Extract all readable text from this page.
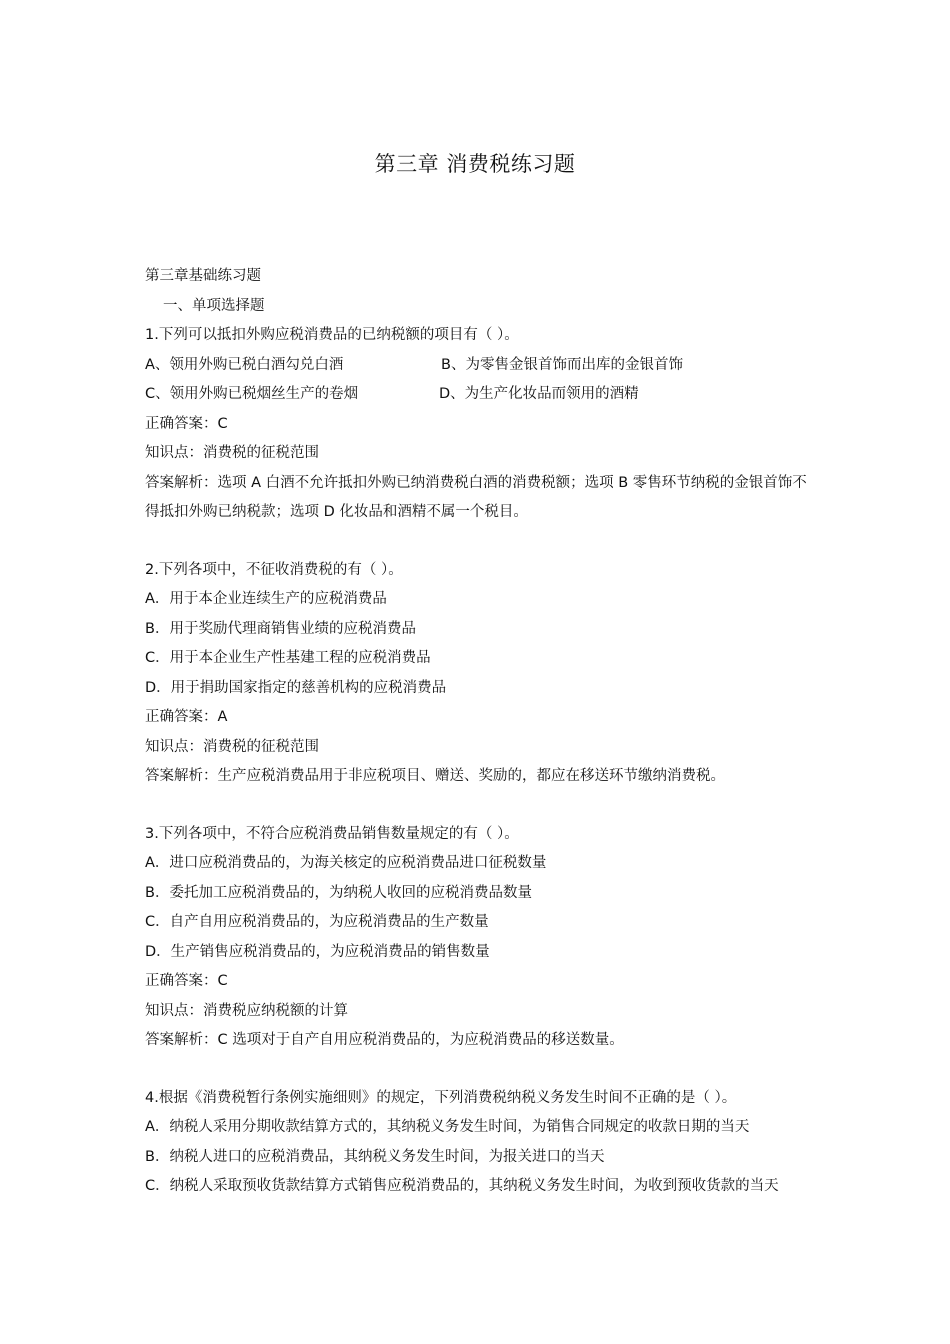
第三章 消费税练习题
第三章基础练习题
一、单项选择题
1.下列可以抵扣外购应税消费品的已纳税额的项目有（ ）。
A、领用外购已税白酒勾兑白酒	B、为零售金银首饰而出库的金银首饰
C、领用外购已税烟丝生产的卷烟	D、为生产化妆品而领用的酒精
正确答案：C
知识点：消费税的征税范围
答案解析：选项 A 白酒不允许抵扣外购已纳消费税白酒的消费税额；选项 B 零售环节纳税的金银首饰不得抵扣外购已纳税款；选项 D 化妆品和酒精不属一个税目。
2.下列各项中，不征收消费税的有（ ）。
A．用于本企业连续生产的应税消费品
B．用于奖励代理商销售业绩的应税消费品
C．用于本企业生产性基建工程的应税消费品
D．用于捐助国家指定的慈善机构的应税消费品
正确答案：A
知识点：消费税的征税范围
答案解析：生产应税消费品用于非应税项目、赠送、奖励的，都应在移送环节缴纳消费税。
3.下列各项中，不符合应税消费品销售数量规定的有（ ）。
A．进口应税消费品的，为海关核定的应税消费品进口征税数量
B．委托加工应税消费品的，为纳税人收回的应税消费品数量
C．自产自用应税消费品的，为应税消费品的生产数量
D．生产销售应税消费品的，为应税消费品的销售数量
正确答案：C
知识点：消费税应纳税额的计算
答案解析：C 选项对于自产自用应税消费品的，为应税消费品的移送数量。
4.根据《消费税暂行条例实施细则》的规定，下列消费税纳税义务发生时间不正确的是（ ）。
A．纳税人采用分期收款结算方式的，其纳税义务发生时间，为销售合同规定的收款日期的当天
B．纳税人进口的应税消费品，其纳税义务发生时间，为报关进口的当天
C．纳税人采取预收货款结算方式销售应税消费品的，其纳税义务发生时间，为收到预收货款的当天
